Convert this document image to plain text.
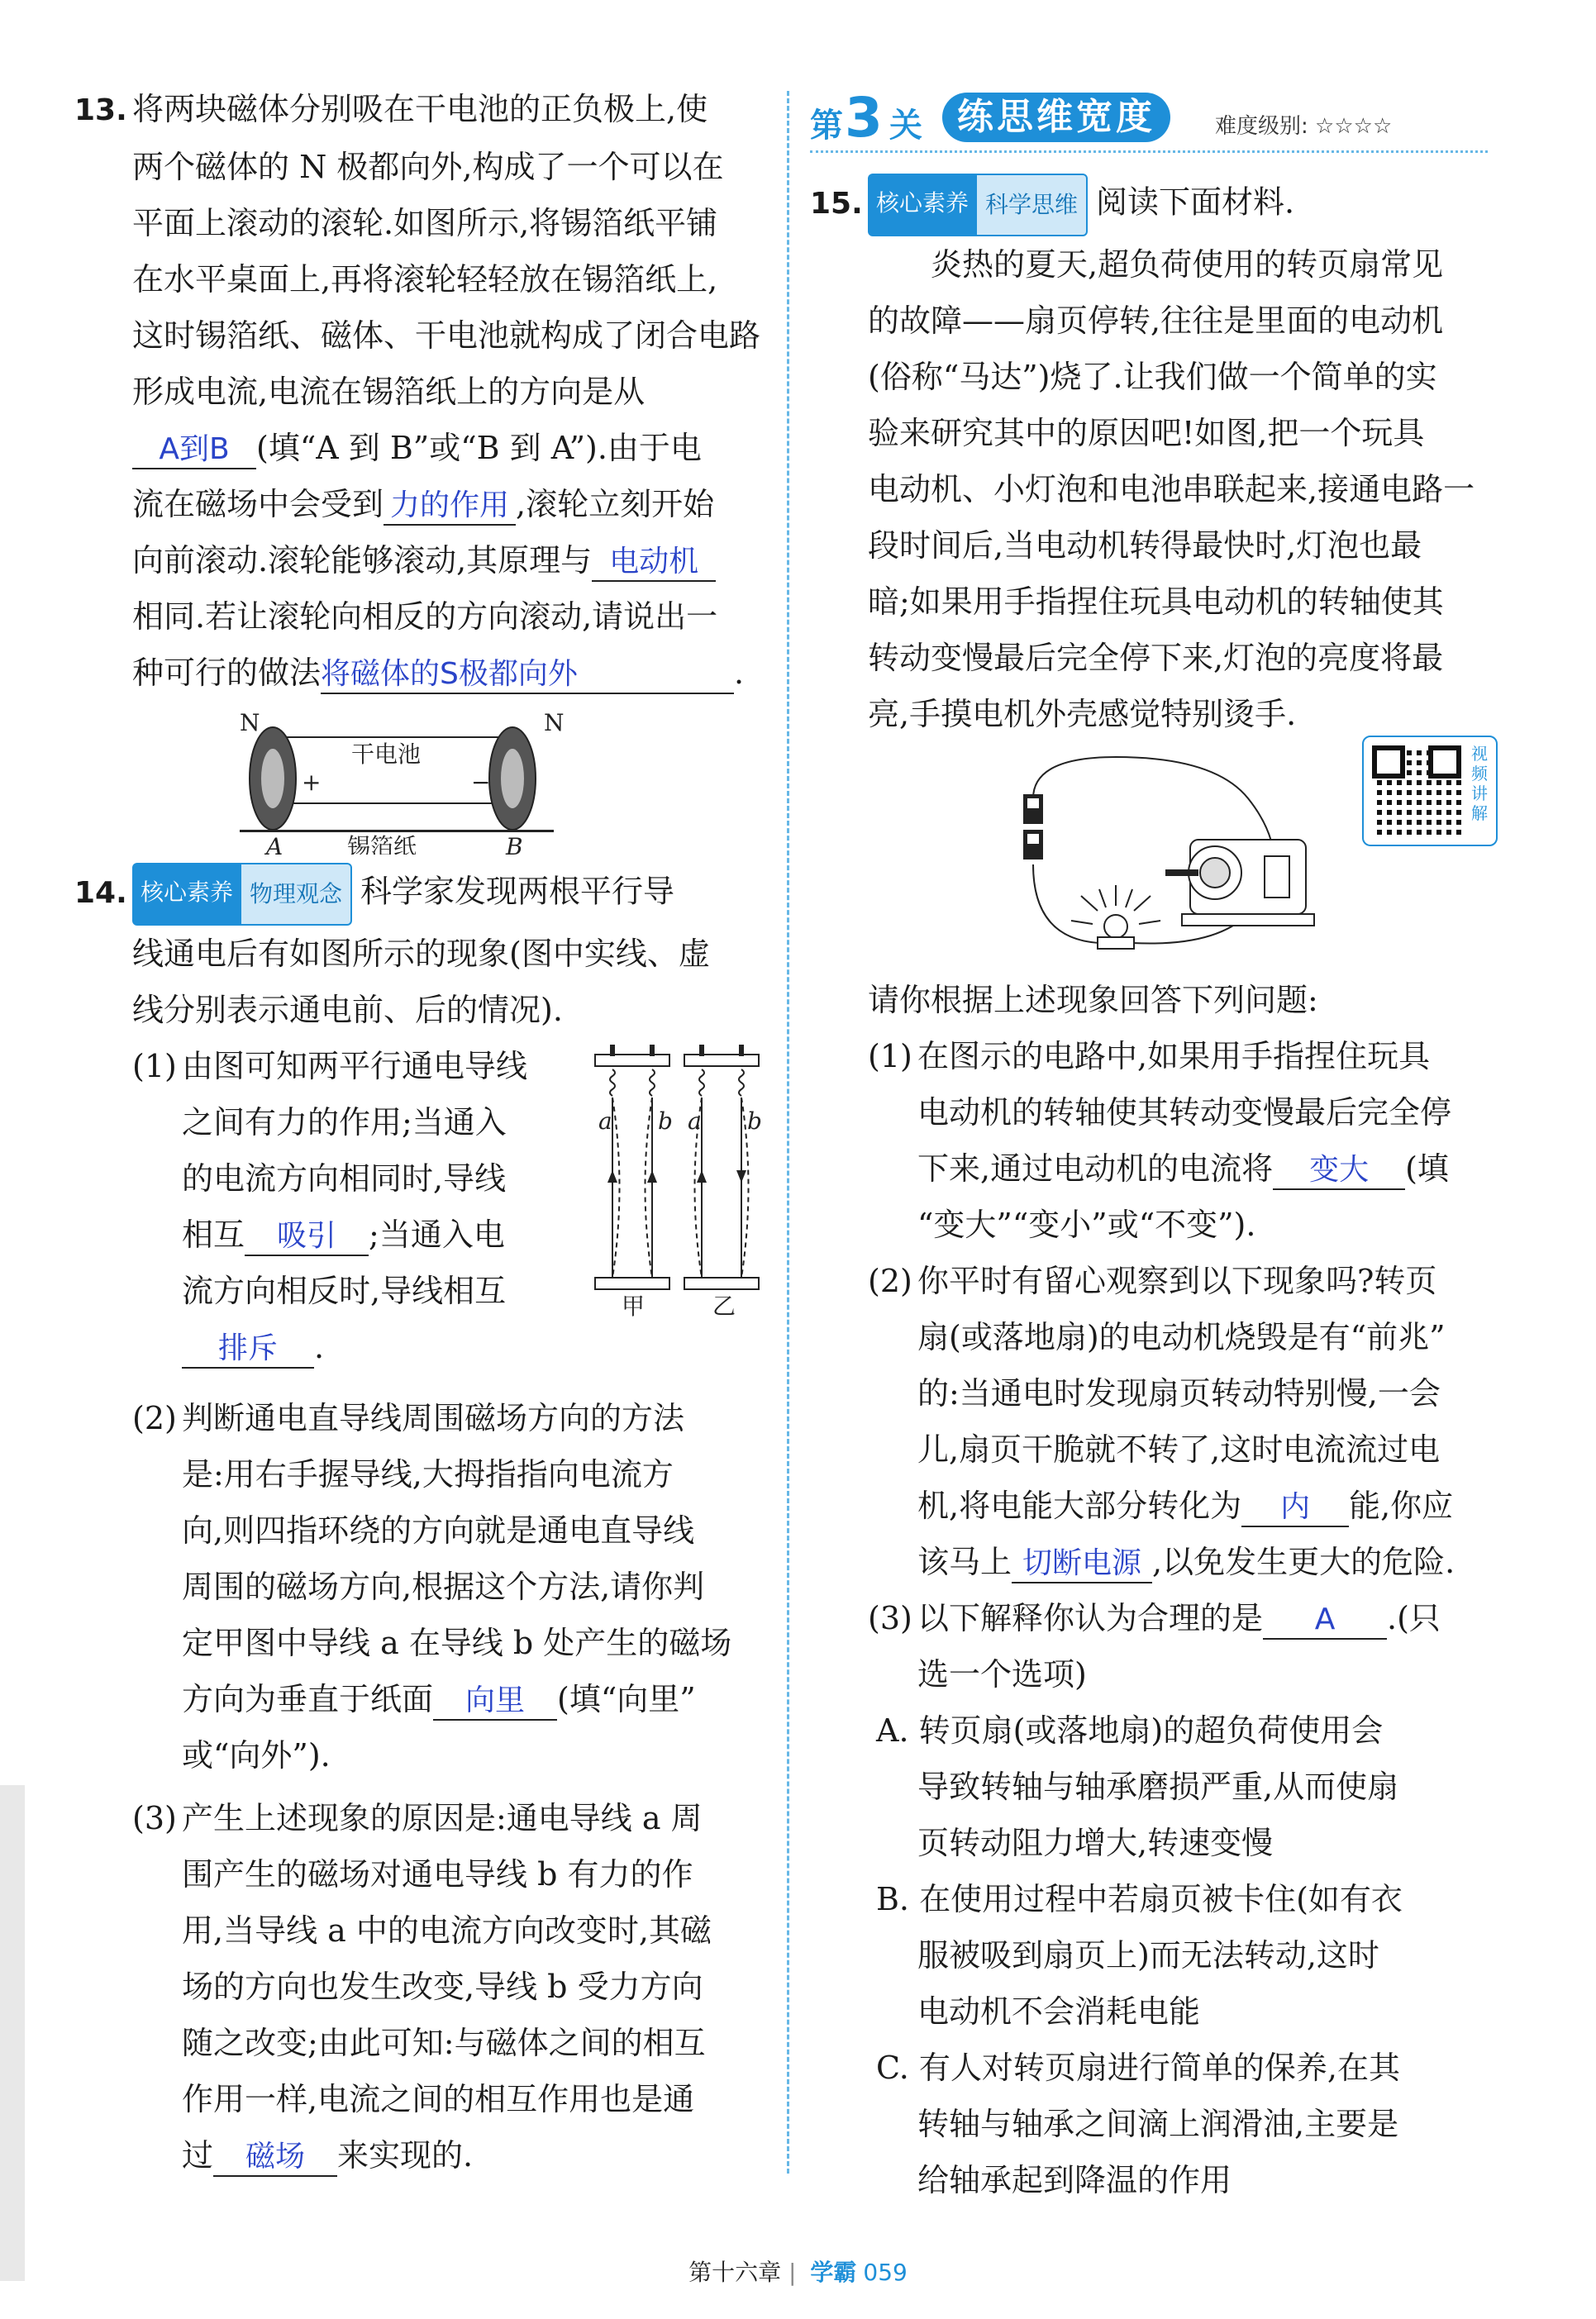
13. 将两块磁体分别吸在干电池的正负极上,使

两个磁体的 N 极都向外,构成了一个可以在

平面上滚动的滚轮.如图所示,将锡箔纸平铺

在水平桌面上,再将滚轮轻轻放在锡箔纸上,

这时锡箔纸、磁体、干电池就构成了闭合电路

形成电流,电流在锡箔纸上的方向是从

A到B (填“A 到 B”或“B 到 A”).由于电

流在磁场中会受到 力的作用 ,滚轮立刻开始

向前滚动.滚轮能够滚动,其原理与 电动机

相同.若让滚轮向相反的方向滚动,请说出一

种可行的做法将磁体的S极都向外	.

N	N
干电池
+	−
A	锡箔纸	B

14. 核心素养 物理观念 科学家发现两根平行导

线通电后有如图所示的现象(图中实线、虚

线分别表示通电前、后的情况).

(1) 由图可知两平行通电导线

之间有力的作用;当通入

的电流方向相同时,导线

相互 吸引 ;当通入电

流方向相反时,导线相互

排斥 .

a b
甲
a b
乙

(2) 判断通电直导线周围磁场方向的方法

是:用右手握导线,大拇指指向电流方

向,则四指环绕的方向就是通电直导线

周围的磁场方向,根据这个方法,请你判

定甲图中导线 a 在导线 b 处产生的磁场

方向为垂直于纸面 向里 (填“向里”

或“向外”).

(3) 产生上述现象的原因是:通电导线 a 周

围产生的磁场对通电导线 b 有力的作

用,当导线 a 中的电流方向改变时,其磁

场的方向也发生改变,导线 b 受力方向

随之改变;由此可知:与磁体之间的相互

作用一样,电流之间的相互作用也是通

过 磁场 来实现的.

第 3 关 练思维宽度	难度级别: ☆☆☆☆

15. 核心素养 科学思维 阅读下面材料.

炎热的夏天,超负荷使用的转页扇常见

的故障——扇页停转,往往是里面的电动机

(俗称“马达”)烧了.让我们做一个简单的实

验来研究其中的原因吧!如图,把一个玩具

电动机、小灯泡和电池串联起来,接通电路一

段时间后,当电动机转得最快时,灯泡也最

暗;如果用手指捏住玩具电动机的转轴使其

转动变慢最后完全停下来,灯泡的亮度将最

亮,手摸电机外壳感觉特别烫手.

请你根据上述现象回答下列问题:

(1) 在图示的电路中,如果用手指捏住玩具

电动机的转轴使其转动变慢最后完全停

下来,通过电动机的电流将 变大 (填

“变大”“变小”或“不变”).

(2) 你平时有留心观察到以下现象吗?转页

扇(或落地扇)的电动机烧毁是有“前兆”

的:当通电时发现扇页转动特别慢,一会

儿,扇页干脆就不转了,这时电流流过电

机,将电能大部分转化为 内 能,你应

该马上 切断电源 ,以免发生更大的危险.

(3) 以下解释你认为合理的是 A .(只

选一个选项)

A. 转页扇(或落地扇)的超负荷使用会

导致转轴与轴承磨损严重,从而使扇

页转动阻力增大,转速变慢

B. 在使用过程中若扇页被卡住(如有衣

服被吸到扇页上)而无法转动,这时

电动机不会消耗电能

C. 有人对转页扇进行简单的保养,在其

转轴与轴承之间滴上润滑油,主要是

给轴承起到降温的作用

视频讲解
第十六章 | 学霸 059
